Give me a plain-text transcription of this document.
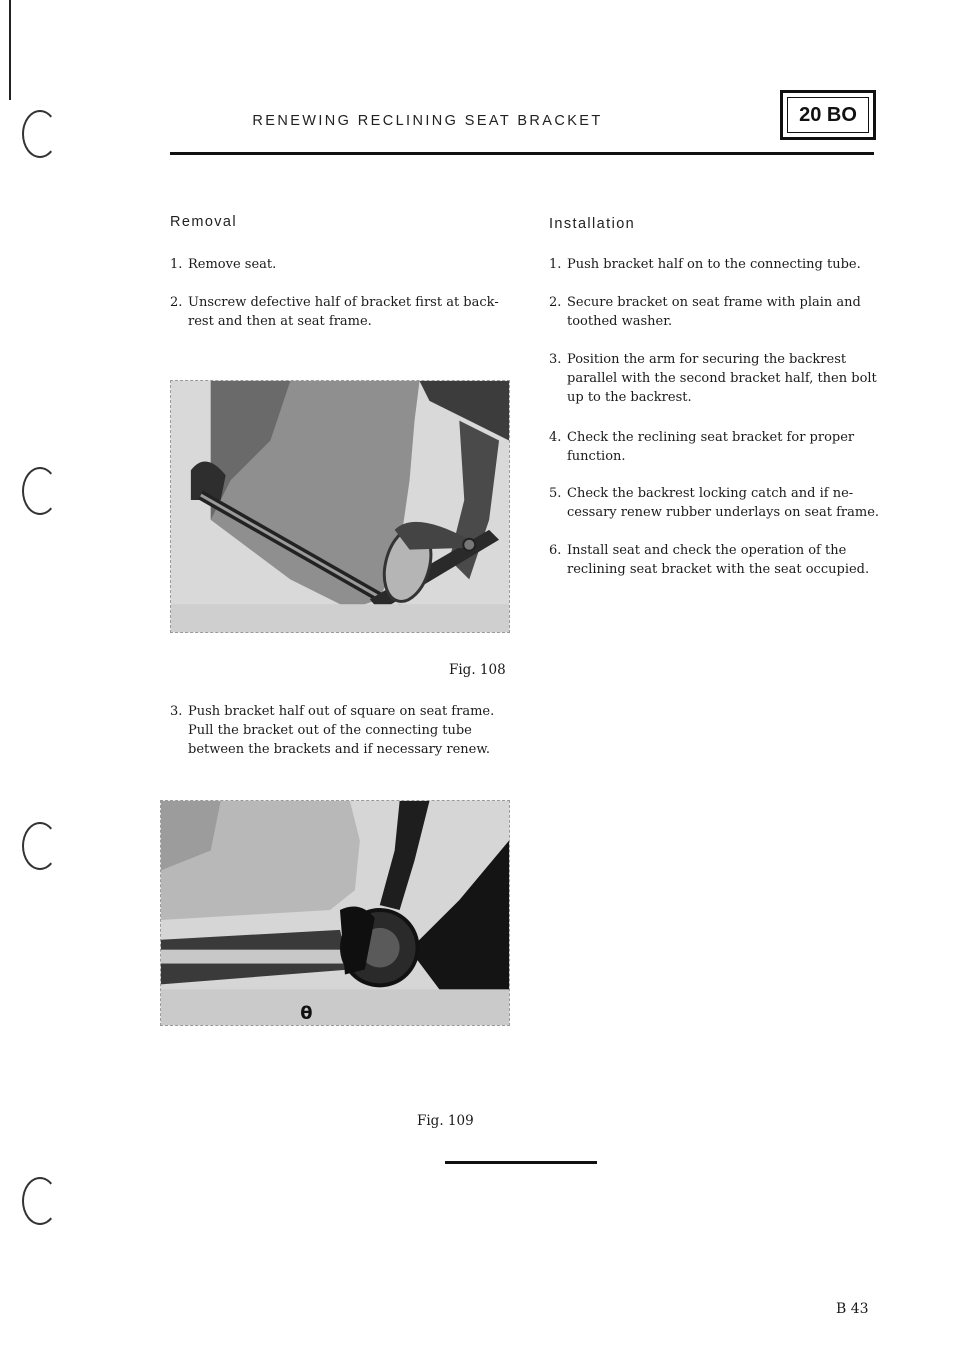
RENEWING RECLINING SEAT BRACKET	20 BO
Removal
1. Remove seat.
2. Unscrew defective half of bracket first at back-rest and then at seat frame.
Fig. 108
3. Push bracket half out of square on seat frame. Pull the bracket out of the connecting tube between the brackets and if necessary renew.
θ
Fig. 109
Installation
1. Push bracket half on to the connecting tube.
2. Secure bracket on seat frame with plain and toothed washer.
3. Position the arm for securing the backrest parallel with the second bracket half, then bolt up to the backrest.
4. Check the reclining seat bracket for proper function.
5. Check the backrest locking catch and if ne-cessary renew rubber underlays on seat frame.
6. Install seat and check the operation of the reclining seat bracket with the seat occupied.
B 43
